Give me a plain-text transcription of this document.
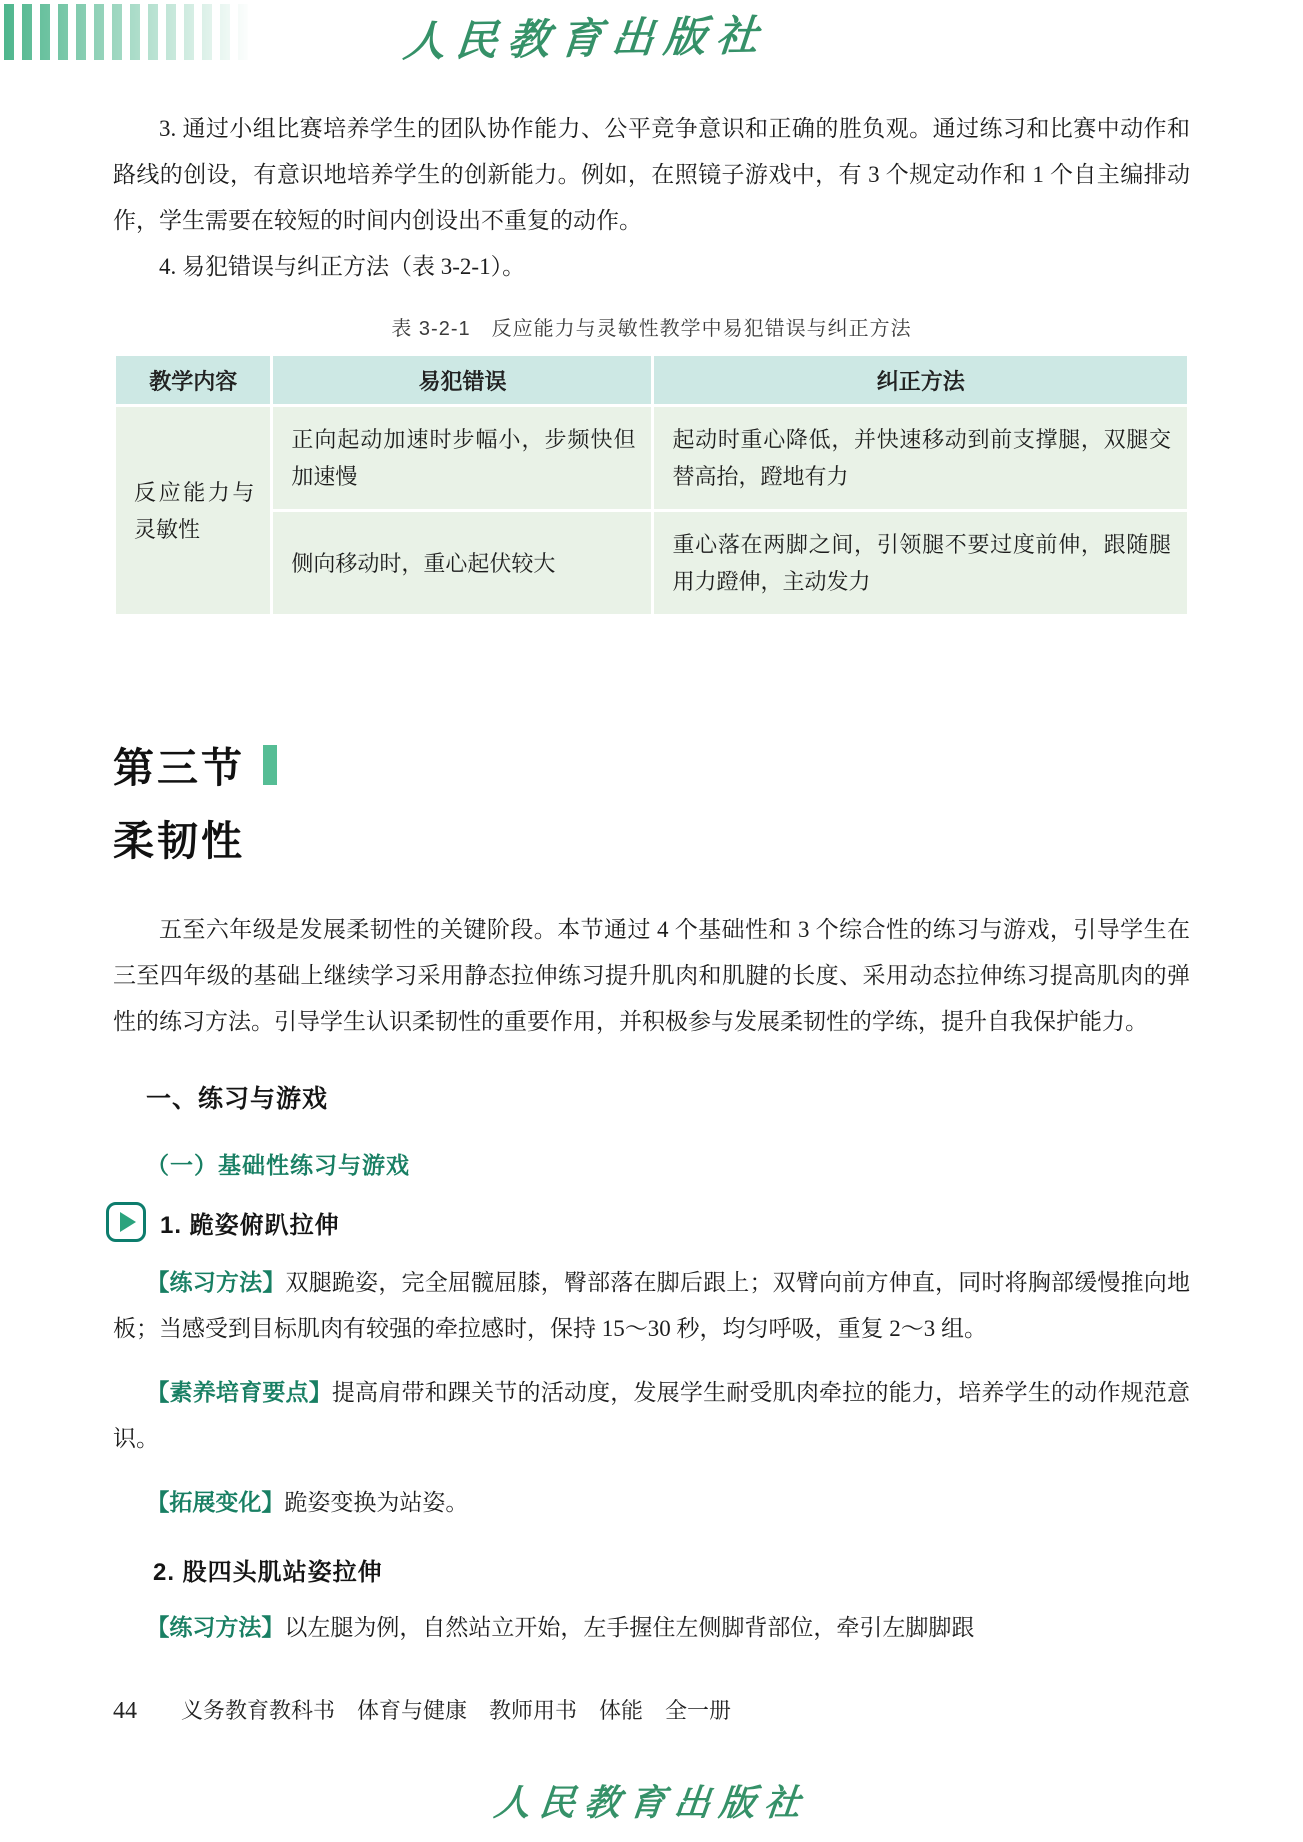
人民教育出版社

3. 通过小组比赛培养学生的团队协作能力、公平竞争意识和正确的胜负观。通过练习和比赛中动作和路线的创设，有意识地培养学生的创新能力。例如，在照镜子游戏中，有 3 个规定动作和 1 个自主编排动作，学生需要在较短的时间内创设出不重复的动作。

4. 易犯错误与纠正方法（表 3-2-1）。

表 3-2-1　反应能力与灵敏性教学中易犯错误与纠正方法
教学内容	易犯错误	纠正方法
反应能力与灵敏性	正向起动加速时步幅小，步频快但加速慢	起动时重心降低，并快速移动到前支撑腿，双腿交替高抬，蹬地有力
	侧向移动时，重心起伏较大	重心落在两脚之间，引领腿不要过度前伸，跟随腿用力蹬伸，主动发力
第三节
柔韧性

五至六年级是发展柔韧性的关键阶段。本节通过 4 个基础性和 3 个综合性的练习与游戏，引导学生在三至四年级的基础上继续学习采用静态拉伸练习提升肌肉和肌腱的长度、采用动态拉伸练习提高肌肉的弹性的练习方法。引导学生认识柔韧性的重要作用，并积极参与发展柔韧性的学练，提升自我保护能力。

一、练习与游戏
（一）基础性练习与游戏
1. 跪姿俯趴拉伸

【练习方法】双腿跪姿，完全屈髋屈膝，臀部落在脚后跟上；双臂向前方伸直，同时将胸部缓慢推向地板；当感受到目标肌肉有较强的牵拉感时，保持 15～30 秒，均匀呼吸，重复 2～3 组。

【素养培育要点】提高肩带和踝关节的活动度，发展学生耐受肌肉牵拉的能力，培养学生的动作规范意识。

【拓展变化】跪姿变换为站姿。

2. 股四头肌站姿拉伸

【练习方法】以左腿为例，自然站立开始，左手握住左侧脚背部位，牵引左脚脚跟

44 义务教育教科书　体育与健康　教师用书　体能　全一册
人民教育出版社
